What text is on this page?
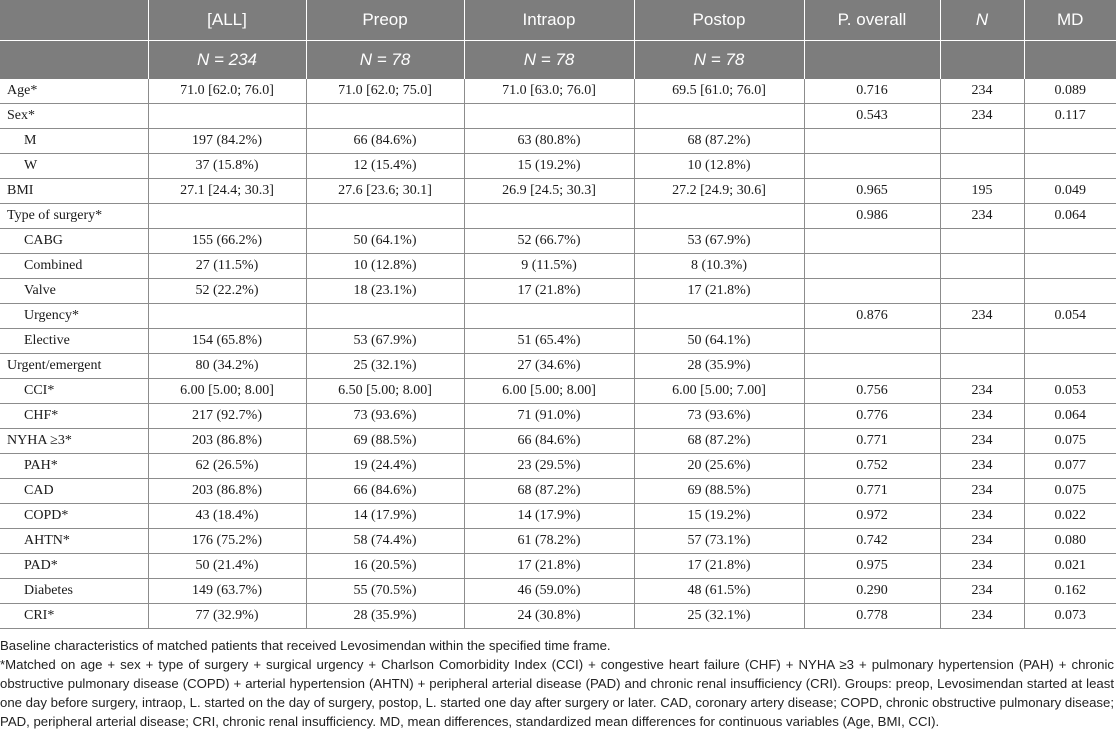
	[ALL]	Preop	Intraop	Postop	P. overall	N	MD
	N = 234	N = 78	N = 78	N = 78			
Age*	71.0 [62.0; 76.0]	71.0 [62.0; 75.0]	71.0 [63.0; 76.0]	69.5 [61.0; 76.0]	0.716	234	0.089
Sex*					0.543	234	0.117
M	197 (84.2%)	66 (84.6%)	63 (80.8%)	68 (87.2%)			
W	37 (15.8%)	12 (15.4%)	15 (19.2%)	10 (12.8%)			
BMI	27.1 [24.4; 30.3]	27.6 [23.6; 30.1]	26.9 [24.5; 30.3]	27.2 [24.9; 30.6]	0.965	195	0.049
Type of surgery*					0.986	234	0.064
CABG	155 (66.2%)	50 (64.1%)	52 (66.7%)	53 (67.9%)			
Combined	27 (11.5%)	10 (12.8%)	9 (11.5%)	8 (10.3%)			
Valve	52 (22.2%)	18 (23.1%)	17 (21.8%)	17 (21.8%)			
Urgency*					0.876	234	0.054
Elective	154 (65.8%)	53 (67.9%)	51 (65.4%)	50 (64.1%)			
Urgent/emergent	80 (34.2%)	25 (32.1%)	27 (34.6%)	28 (35.9%)			
CCI*	6.00 [5.00; 8.00]	6.50 [5.00; 8.00]	6.00 [5.00; 8.00]	6.00 [5.00; 7.00]	0.756	234	0.053
CHF*	217 (92.7%)	73 (93.6%)	71 (91.0%)	73 (93.6%)	0.776	234	0.064
NYHA ≥3*	203 (86.8%)	69 (88.5%)	66 (84.6%)	68 (87.2%)	0.771	234	0.075
PAH*	62 (26.5%)	19 (24.4%)	23 (29.5%)	20 (25.6%)	0.752	234	0.077
CAD	203 (86.8%)	66 (84.6%)	68 (87.2%)	69 (88.5%)	0.771	234	0.075
COPD*	43 (18.4%)	14 (17.9%)	14 (17.9%)	15 (19.2%)	0.972	234	0.022
AHTN*	176 (75.2%)	58 (74.4%)	61 (78.2%)	57 (73.1%)	0.742	234	0.080
PAD*	50 (21.4%)	16 (20.5%)	17 (21.8%)	17 (21.8%)	0.975	234	0.021
Diabetes	149 (63.7%)	55 (70.5%)	46 (59.0%)	48 (61.5%)	0.290	234	0.162
CRI*	77 (32.9%)	28 (35.9%)	24 (30.8%)	25 (32.1%)	0.778	234	0.073

Baseline characteristics of matched patients that received Levosimendan within the specified time frame.

*Matched on age + sex + type of surgery + surgical urgency + Charlson Comorbidity Index (CCI) + congestive heart failure (CHF) + NYHA ≥3 + pulmonary hypertension (PAH) + chronic obstructive pulmonary disease (COPD) + arterial hypertension (AHTN) + peripheral arterial disease (PAD) and chronic renal insufficiency (CRI). Groups: preop, Levosimendan started at least one day before surgery, intraop, L. started on the day of surgery, postop, L. started one day after surgery or later. CAD, coronary artery disease; COPD, chronic obstructive pulmonary disease; PAD, peripheral arterial disease; CRI, chronic renal insufficiency. MD, mean differences, standardized mean differences for continuous variables (Age, BMI, CCI).
